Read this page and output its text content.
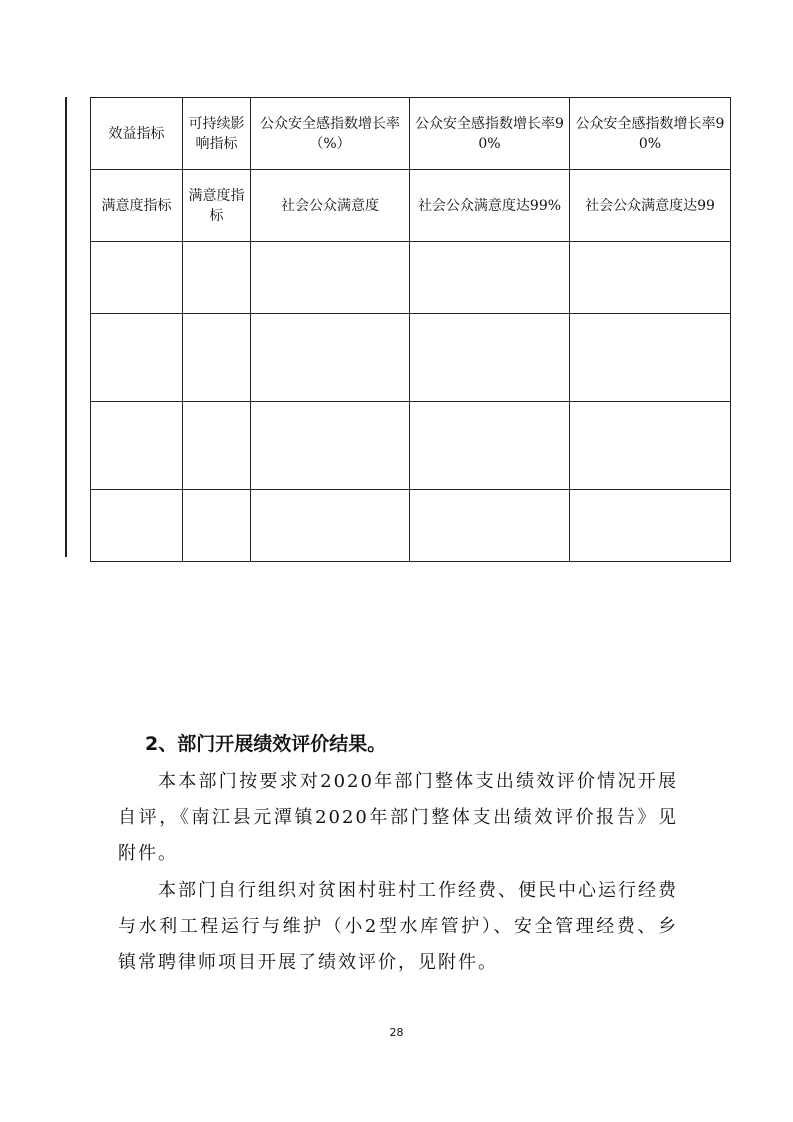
效益指标	可持续影响指标	公众安全感指数增长率（%）	公众安全感指数增长率90%	公众安全感指数增长率90%
满意度指标	满意度指标	社会公众满意度	社会公众满意度达99%	社会公众满意度达99

2、部门开展绩效评价结果。

本本部门按要求对2020年部门整体支出绩效评价情况开展自评，《南江县元潭镇2020年部门整体支出绩效评价报告》见附件。

本部门自行组织对贫困村驻村工作经费、便民中心运行经费与水利工程运行与维护（小2型水库管护）、安全管理经费、乡镇常聘律师项目开展了绩效评价，见附件。

28
